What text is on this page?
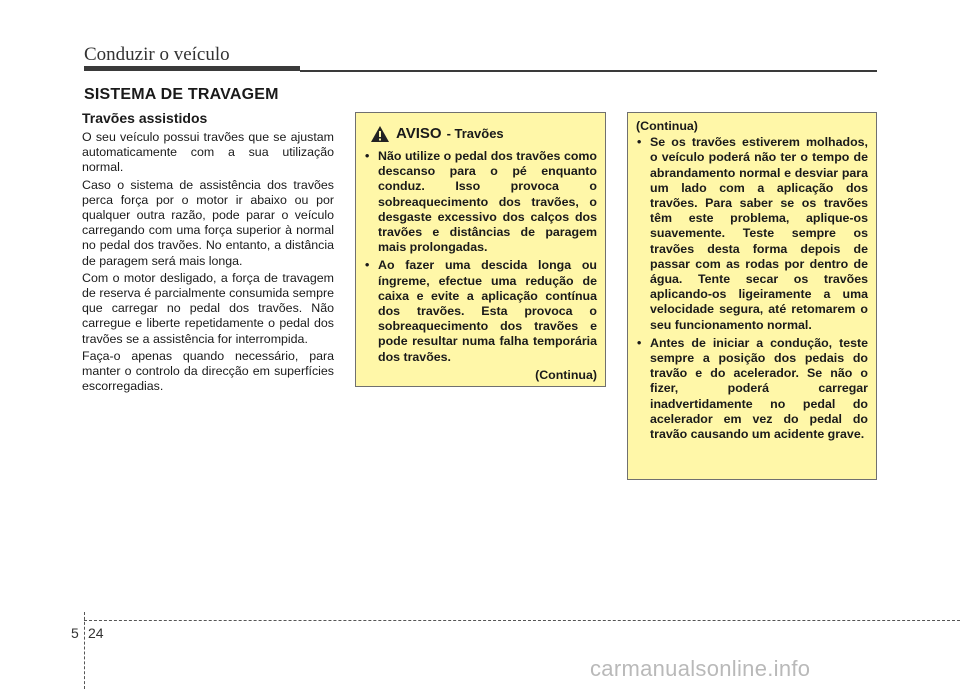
Conduzir o veículo
SISTEMA DE TRAVAGEM
Travões assistidos

O seu veículo possui travões que se ajustam automaticamente com a sua utilização normal.

Caso o sistema de assistência dos travões perca força por o motor ir abaixo ou por qualquer outra razão, pode parar o veículo carregando com uma força superior à normal no pedal dos travões. No entanto, a distância de paragem será mais longa.

Com o motor desligado, a força de travagem de reserva é parcialmente consumida sempre que carregar no pedal dos travões. Não carregue e liberte repetidamente o pedal dos travões se a assistência for interrompida.

Faça-o apenas quando necessário, para manter o controlo da direcção em superfícies escorregadias.

AVISO - Travões
• Não utilize o pedal dos travões como descanso para o pé enquanto conduz. Isso provoca o sobreaquecimento dos travões, o desgaste excessivo dos calços dos travões e distâncias de paragem mais prolongadas.
• Ao fazer uma descida longa ou íngreme, efectue uma redução de caixa e evite a aplicação contínua dos travões. Esta provoca o sobreaquecimento dos travões e pode resultar numa falha temporária dos travões.
(Continua)
(Continua)
• Se os travões estiverem molhados, o veículo poderá não ter o tempo de abrandamento normal e desviar para um lado com a aplicação dos travões. Para saber se os travões têm este problema, aplique-os suavemente. Teste sempre os travões desta forma depois de passar com as rodas por dentro de água. Tente secar os travões aplicando-os ligeiramente a uma velocidade segura, até retomarem o seu funcionamento normal.
• Antes de iniciar a condução, teste sempre a posição dos pedais do travão e do acelerador. Se não o fizer, poderá carregar inadvertidamente no pedal do acelerador em vez do pedal do travão causando um acidente grave.
5 24
carmanualsonline.info
